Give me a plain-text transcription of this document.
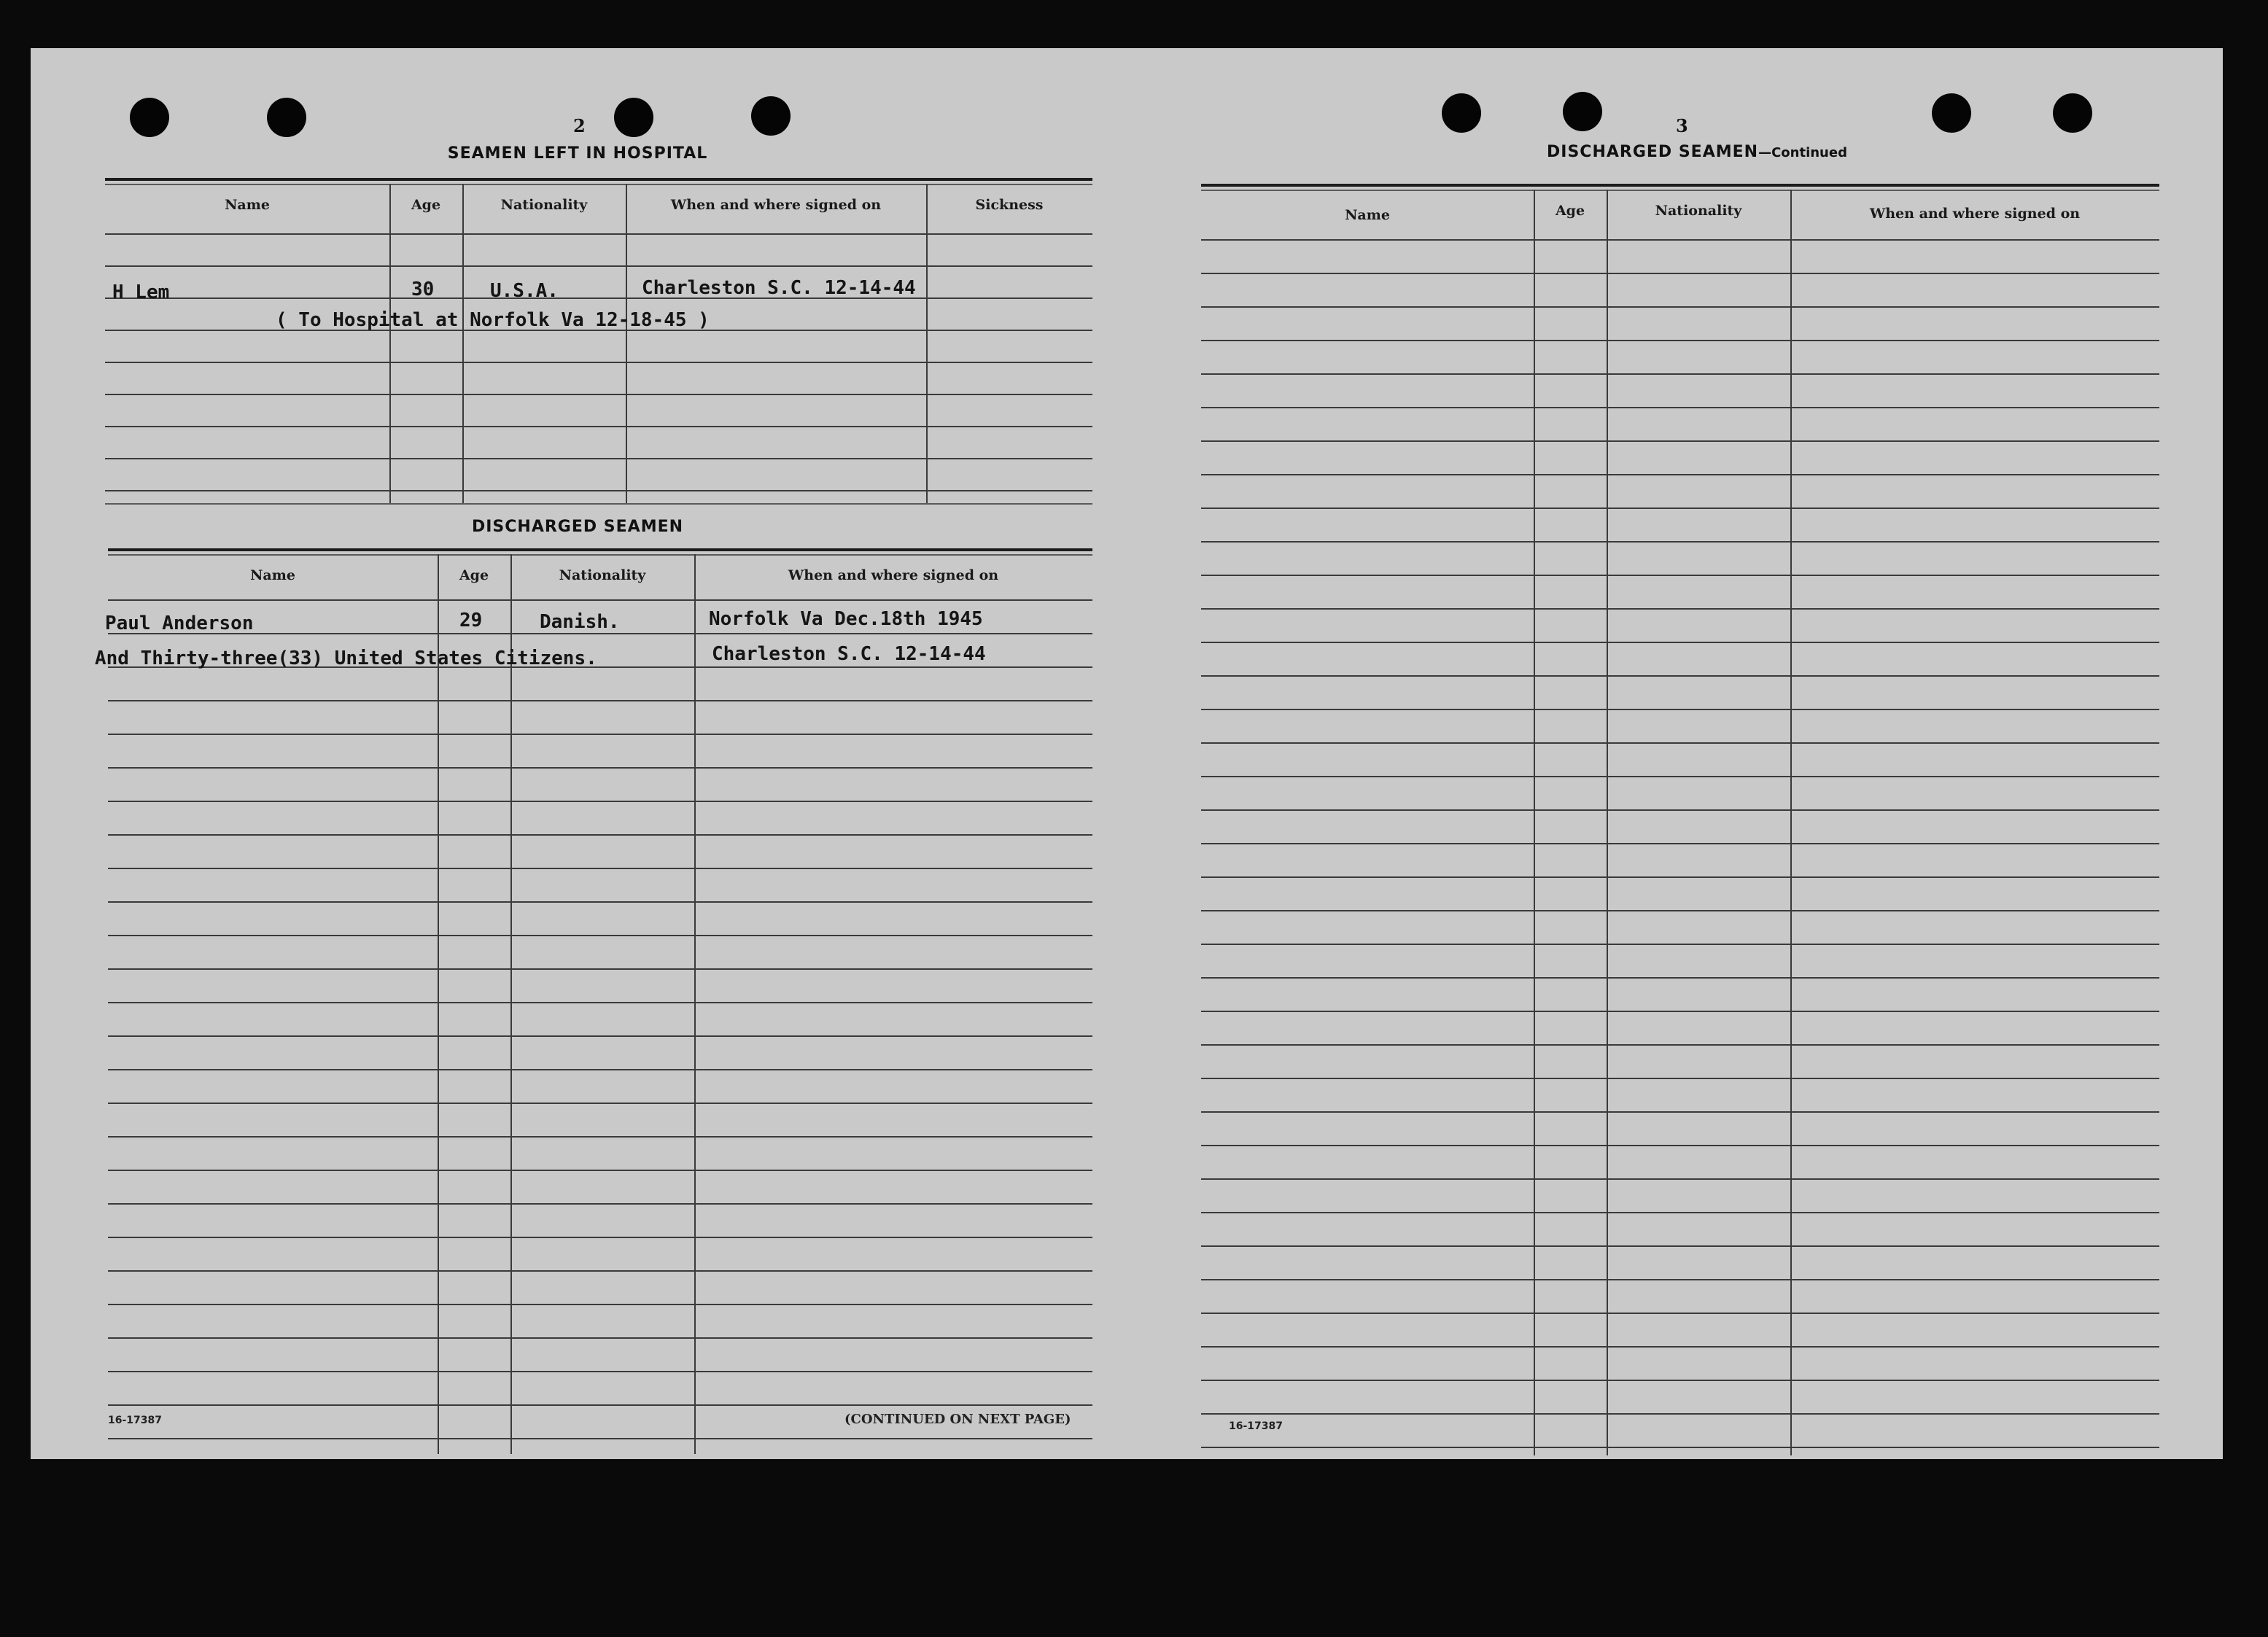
2
SEAMEN LEFT IN HOSPITAL
Name	Age	Nationality	When and where signed on	Sickness
H Lem	30	U.S.A.	Charleston S.C. 12-14-44
( To Hospital at Norfolk Va 12-18-45 )
DISCHARGED SEAMEN
Name	Age	Nationality	When and where signed on
Paul Anderson	29	Danish.	Norfolk Va Dec.18th 1945
And Thirty-three(33) United States Citizens.	Charleston S.C. 12-14-44
16-17387	(CONTINUED ON NEXT PAGE)
3
DISCHARGED SEAMEN—Continued
Name	Age	Nationality	When and where signed on
16-17387
